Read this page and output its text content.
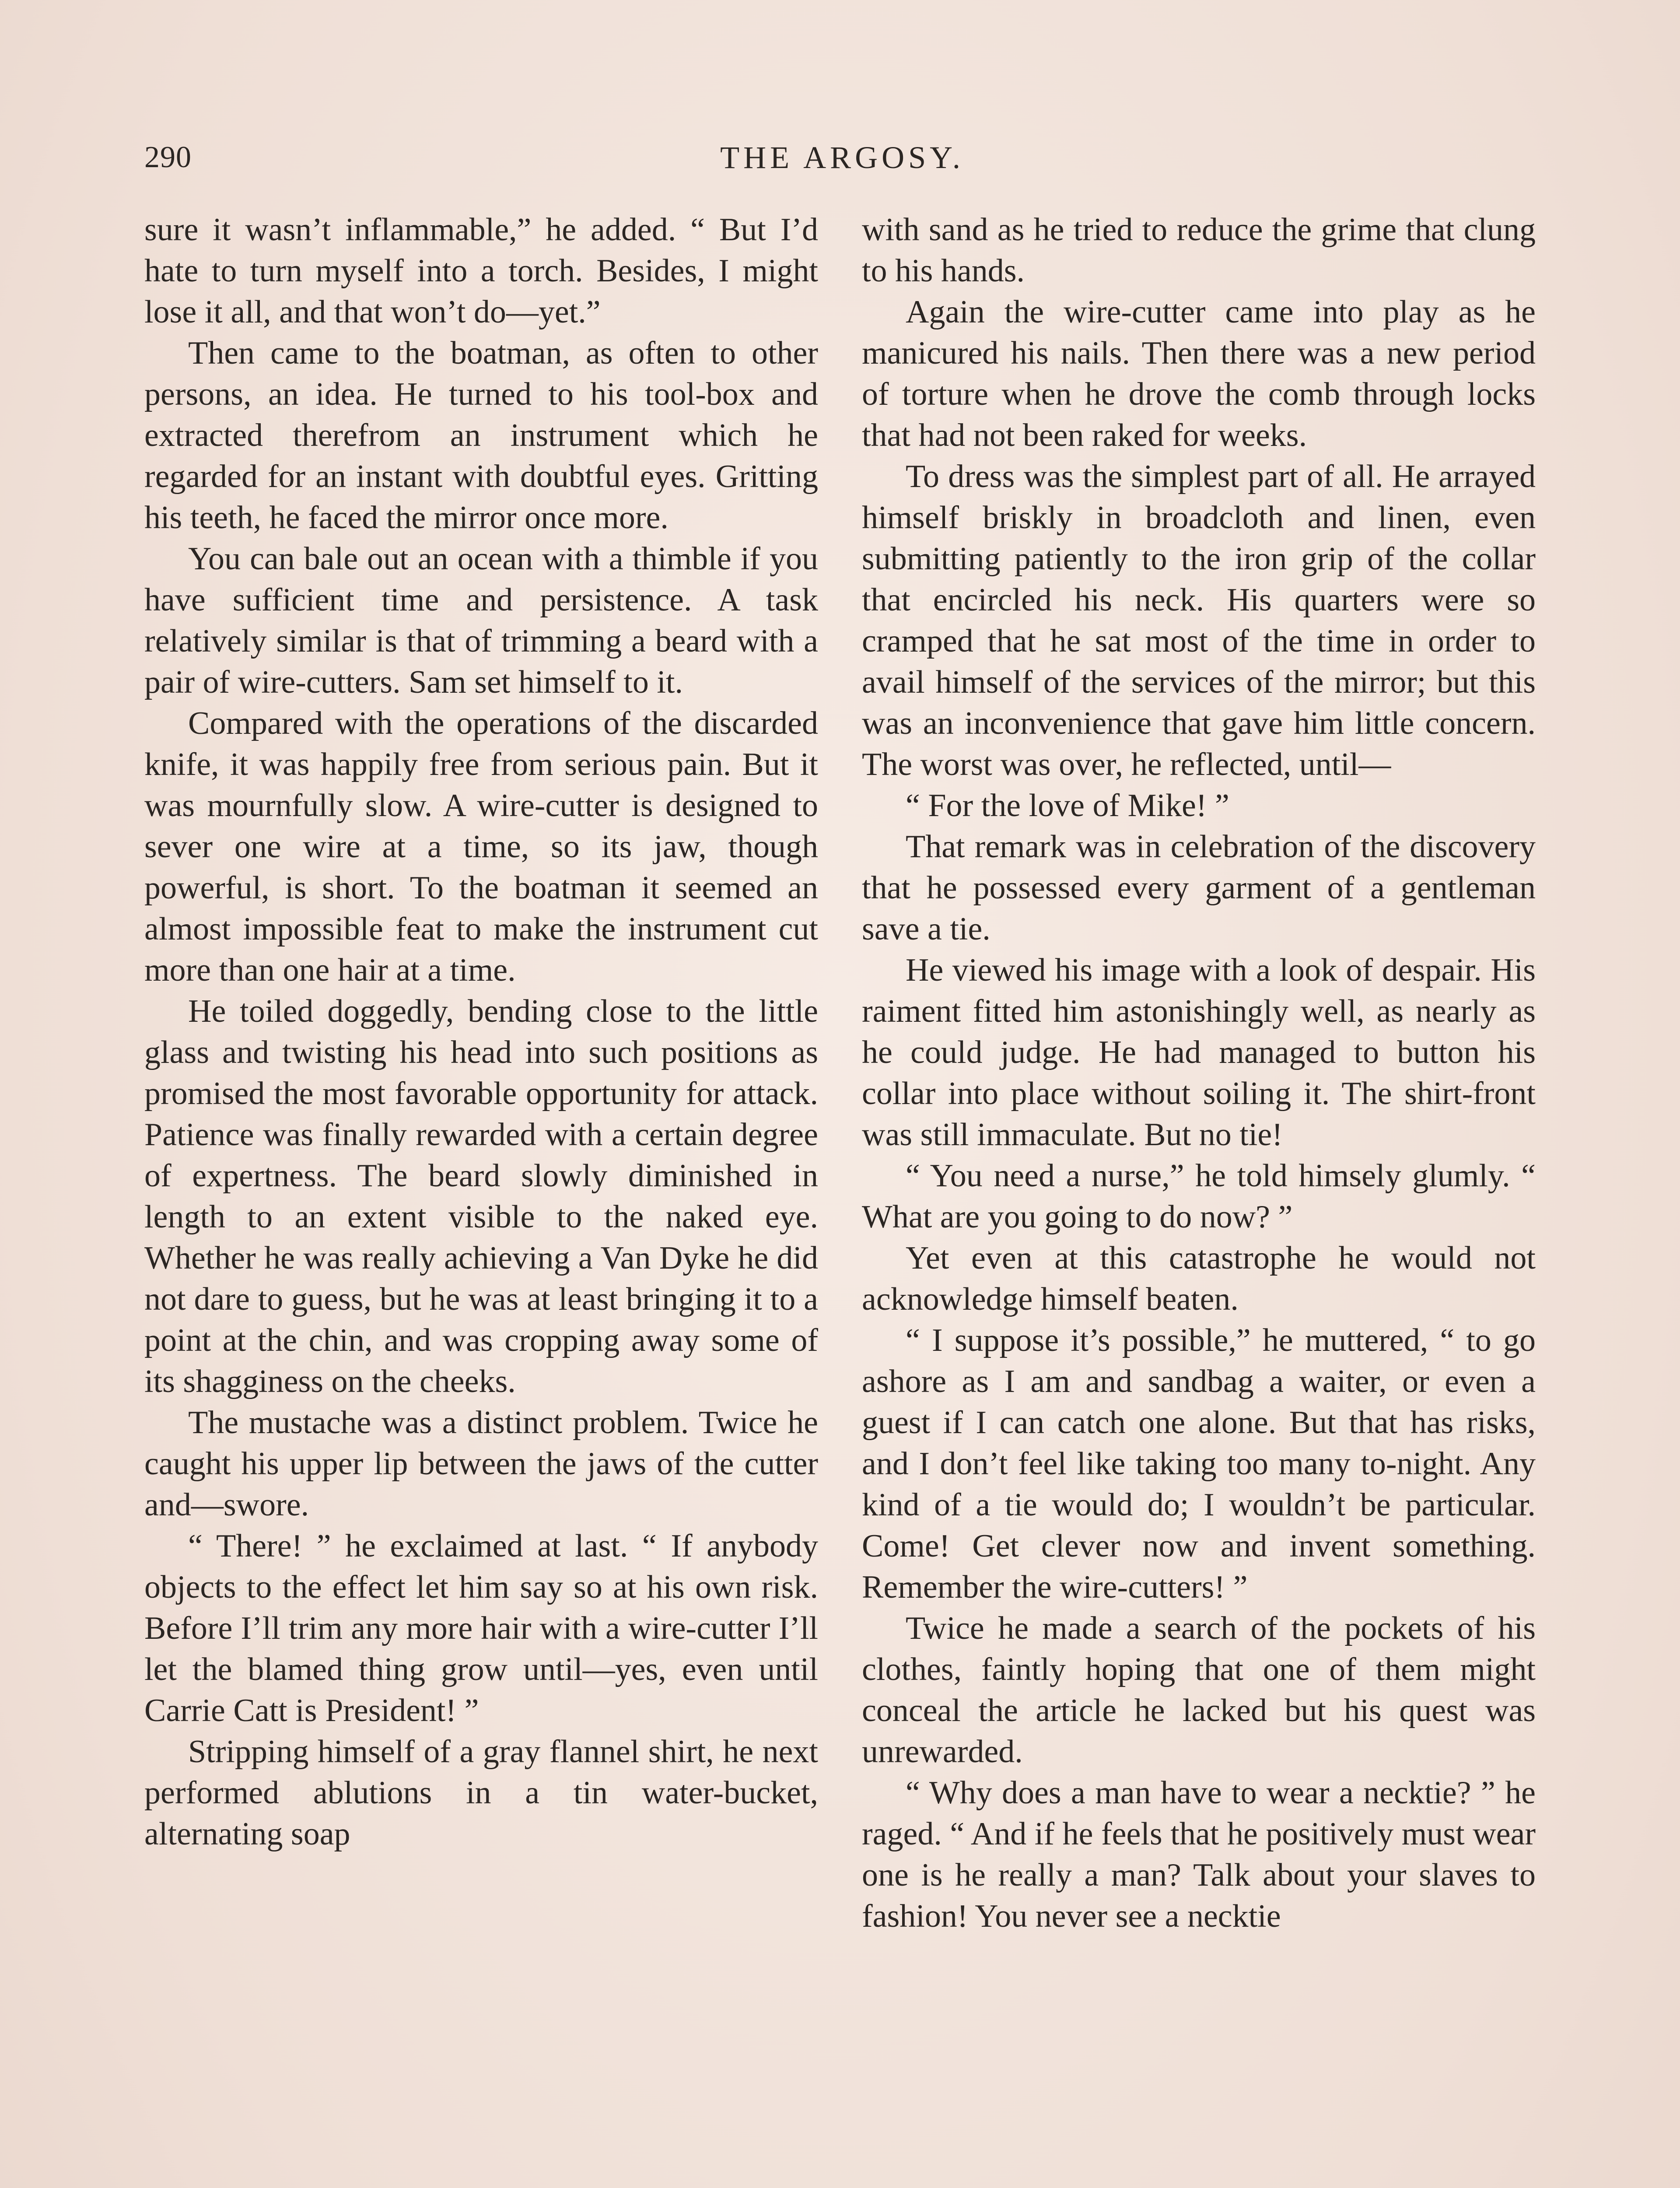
290	THE ARGOSY.

sure it wasn’t inflammable,” he added. “ But I’d hate to turn myself into a torch. Besides, I might lose it all, and that won’t do—yet.”

Then came to the boatman, as often to other persons, an idea. He turned to his tool-box and extracted therefrom an instrument which he regarded for an instant with doubtful eyes. Gritting his teeth, he faced the mirror once more.

You can bale out an ocean with a thimble if you have sufficient time and persistence. A task relatively similar is that of trimming a beard with a pair of wire-cutters. Sam set himself to it.

Compared with the operations of the discarded knife, it was happily free from serious pain. But it was mournfully slow. A wire-cutter is designed to sever one wire at a time, so its jaw, though powerful, is short. To the boatman it seemed an almost impossible feat to make the instrument cut more than one hair at a time.

He toiled doggedly, bending close to the little glass and twisting his head into such positions as promised the most favorable opportunity for attack. Patience was finally rewarded with a certain degree of expertness. The beard slowly diminished in length to an extent visible to the naked eye. Whether he was really achieving a Van Dyke he did not dare to guess, but he was at least bringing it to a point at the chin, and was cropping away some of its shagginess on the cheeks.

The mustache was a distinct problem. Twice he caught his upper lip between the jaws of the cutter and—swore.

“ There! ” he exclaimed at last. “ If anybody objects to the effect let him say so at his own risk. Before I’ll trim any more hair with a wire-cutter I’ll let the blamed thing grow until—yes, even until Carrie Catt is President! ”

Stripping himself of a gray flannel shirt, he next performed ablutions in a tin water-bucket, alternating soap

with sand as he tried to reduce the grime that clung to his hands.

Again the wire-cutter came into play as he manicured his nails. Then there was a new period of torture when he drove the comb through locks that had not been raked for weeks.

To dress was the simplest part of all. He arrayed himself briskly in broadcloth and linen, even submitting patiently to the iron grip of the collar that encircled his neck. His quarters were so cramped that he sat most of the time in order to avail himself of the services of the mirror; but this was an inconvenience that gave him little concern. The worst was over, he reflected, until—

“ For the love of Mike! ”

That remark was in celebration of the discovery that he possessed every garment of a gentleman save a tie.

He viewed his image with a look of despair. His raiment fitted him astonishingly well, as nearly as he could judge. He had managed to button his collar into place without soiling it. The shirt-front was still immaculate. But no tie!

“ You need a nurse,” he told himsely glumly. “ What are you going to do now? ”

Yet even at this catastrophe he would not acknowledge himself beaten.

“ I suppose it’s possible,” he muttered, “ to go ashore as I am and sandbag a waiter, or even a guest if I can catch one alone. But that has risks, and I don’t feel like taking too many to-night. Any kind of a tie would do; I wouldn’t be particular. Come! Get clever now and invent something. Remember the wire-cutters! ”

Twice he made a search of the pockets of his clothes, faintly hoping that one of them might conceal the article he lacked but his quest was unrewarded.

“ Why does a man have to wear a necktie? ” he raged. “ And if he feels that he positively must wear one is he really a man? Talk about your slaves to fashion! You never see a necktie
